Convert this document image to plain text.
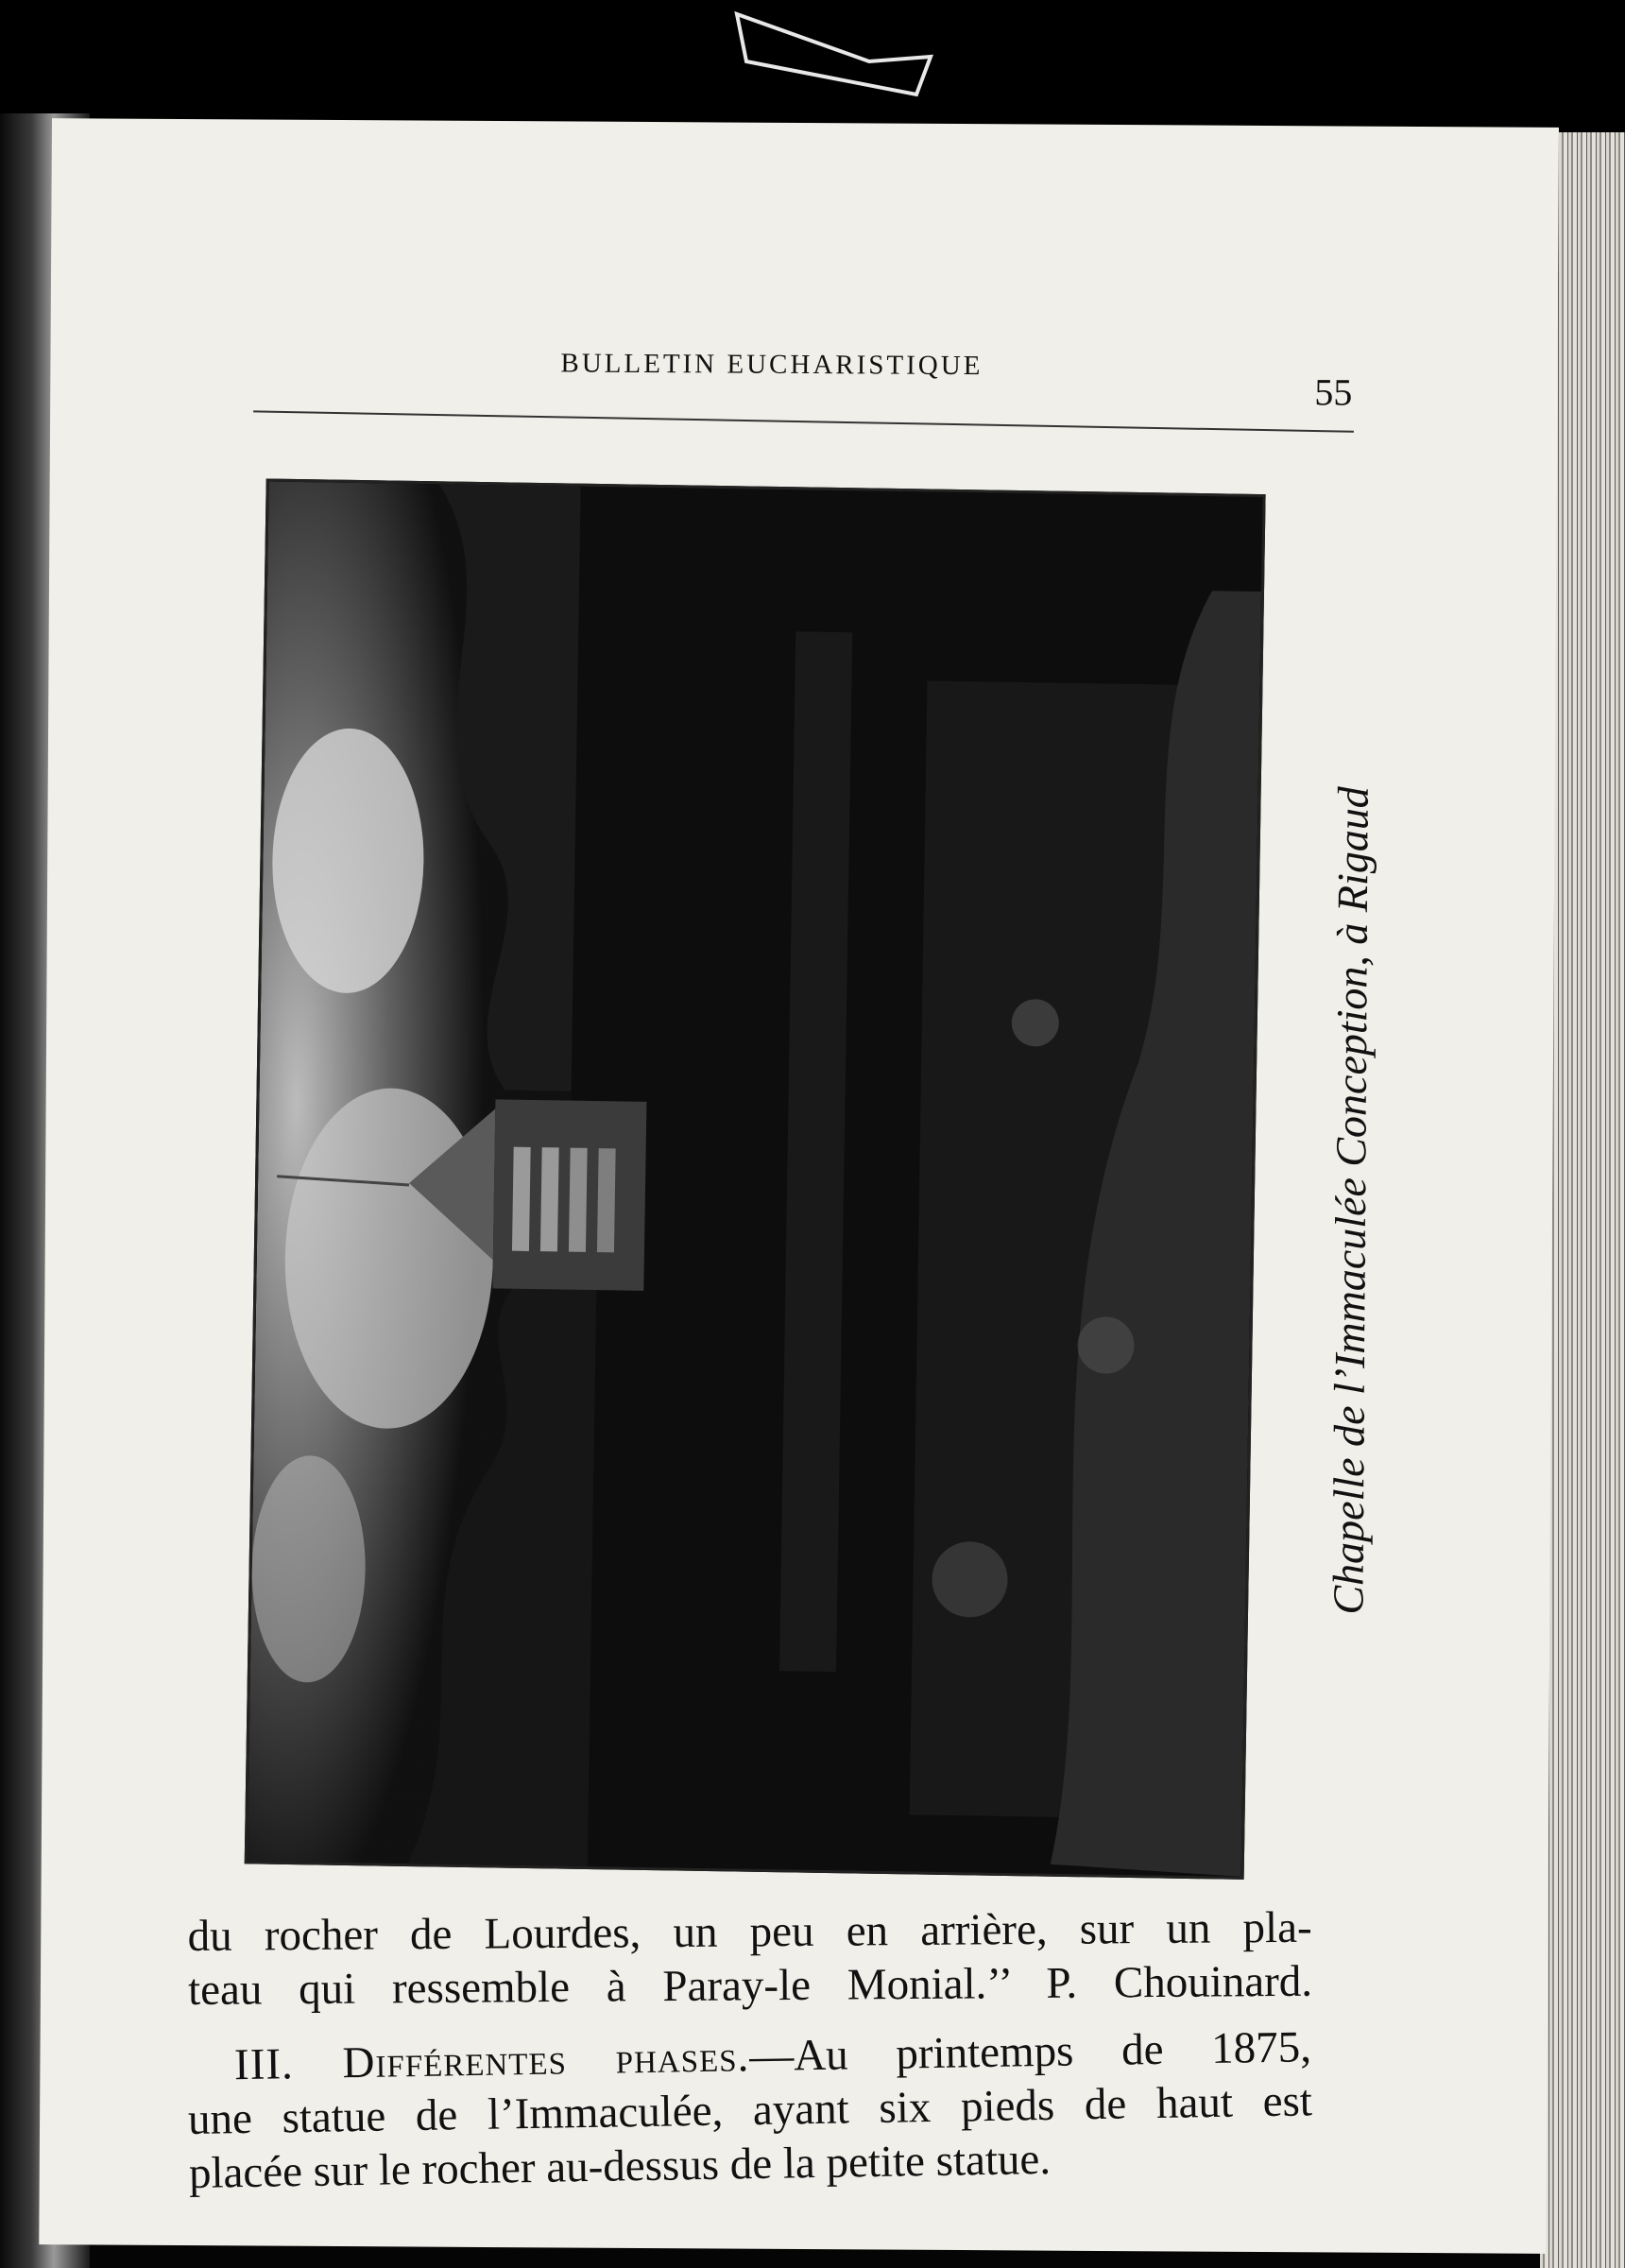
BULLETIN EUCHARISTIQUE
55
Chapelle de l’Immaculée Conception, à Rigaud

du rocher de Lourdes, un peu en arrière, sur un pla-

teau qui ressemble à Paray-le Monial.’’ P. Chouinard.

III. Différentes phases.—Au printemps de 1875,

une statue de l’Immaculée, ayant six pieds de haut est

placée sur le rocher au-dessus de la petite statue.
